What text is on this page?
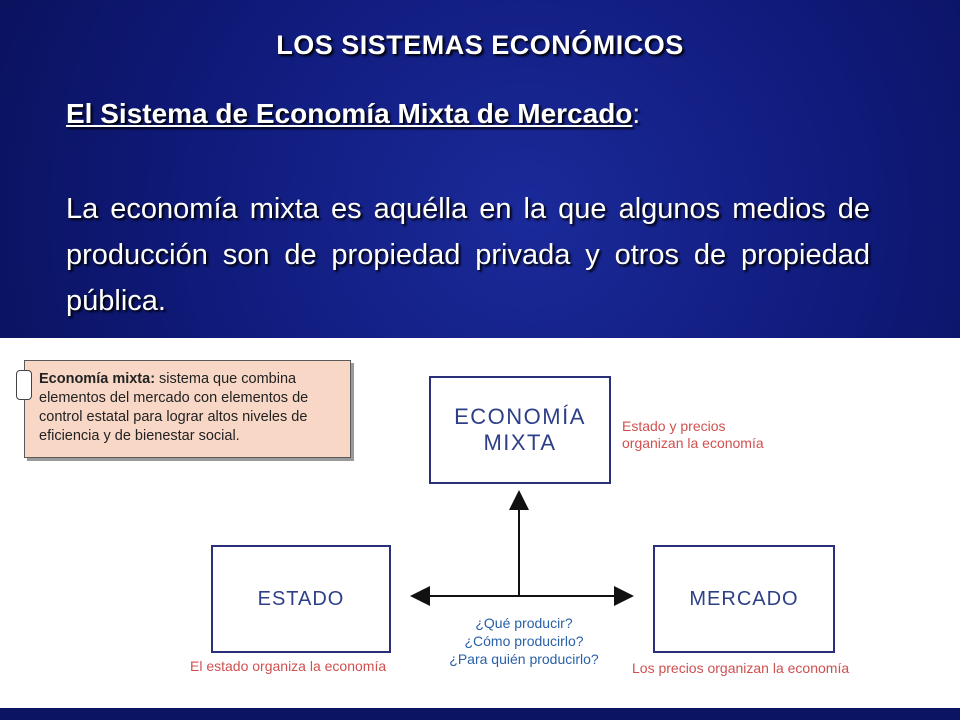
LOS SISTEMAS ECONÓMICOS
El Sistema de Economía Mixta de Mercado:
La economía mixta es aquélla en la que algunos medios de producción son de propiedad privada y otros de propiedad pública.
Economía mixta: sistema que combina elementos del mercado con elementos de control estatal para lograr altos niveles de eficiencia y de bienestar social.
ECONOMÍA
MIXTA
ESTADO	MERCADO
Estado y precios
organizan la economía
El estado organiza la economía	Los precios organizan la economía
¿Qué producir?
¿Cómo producirlo?
¿Para quién producirlo?
